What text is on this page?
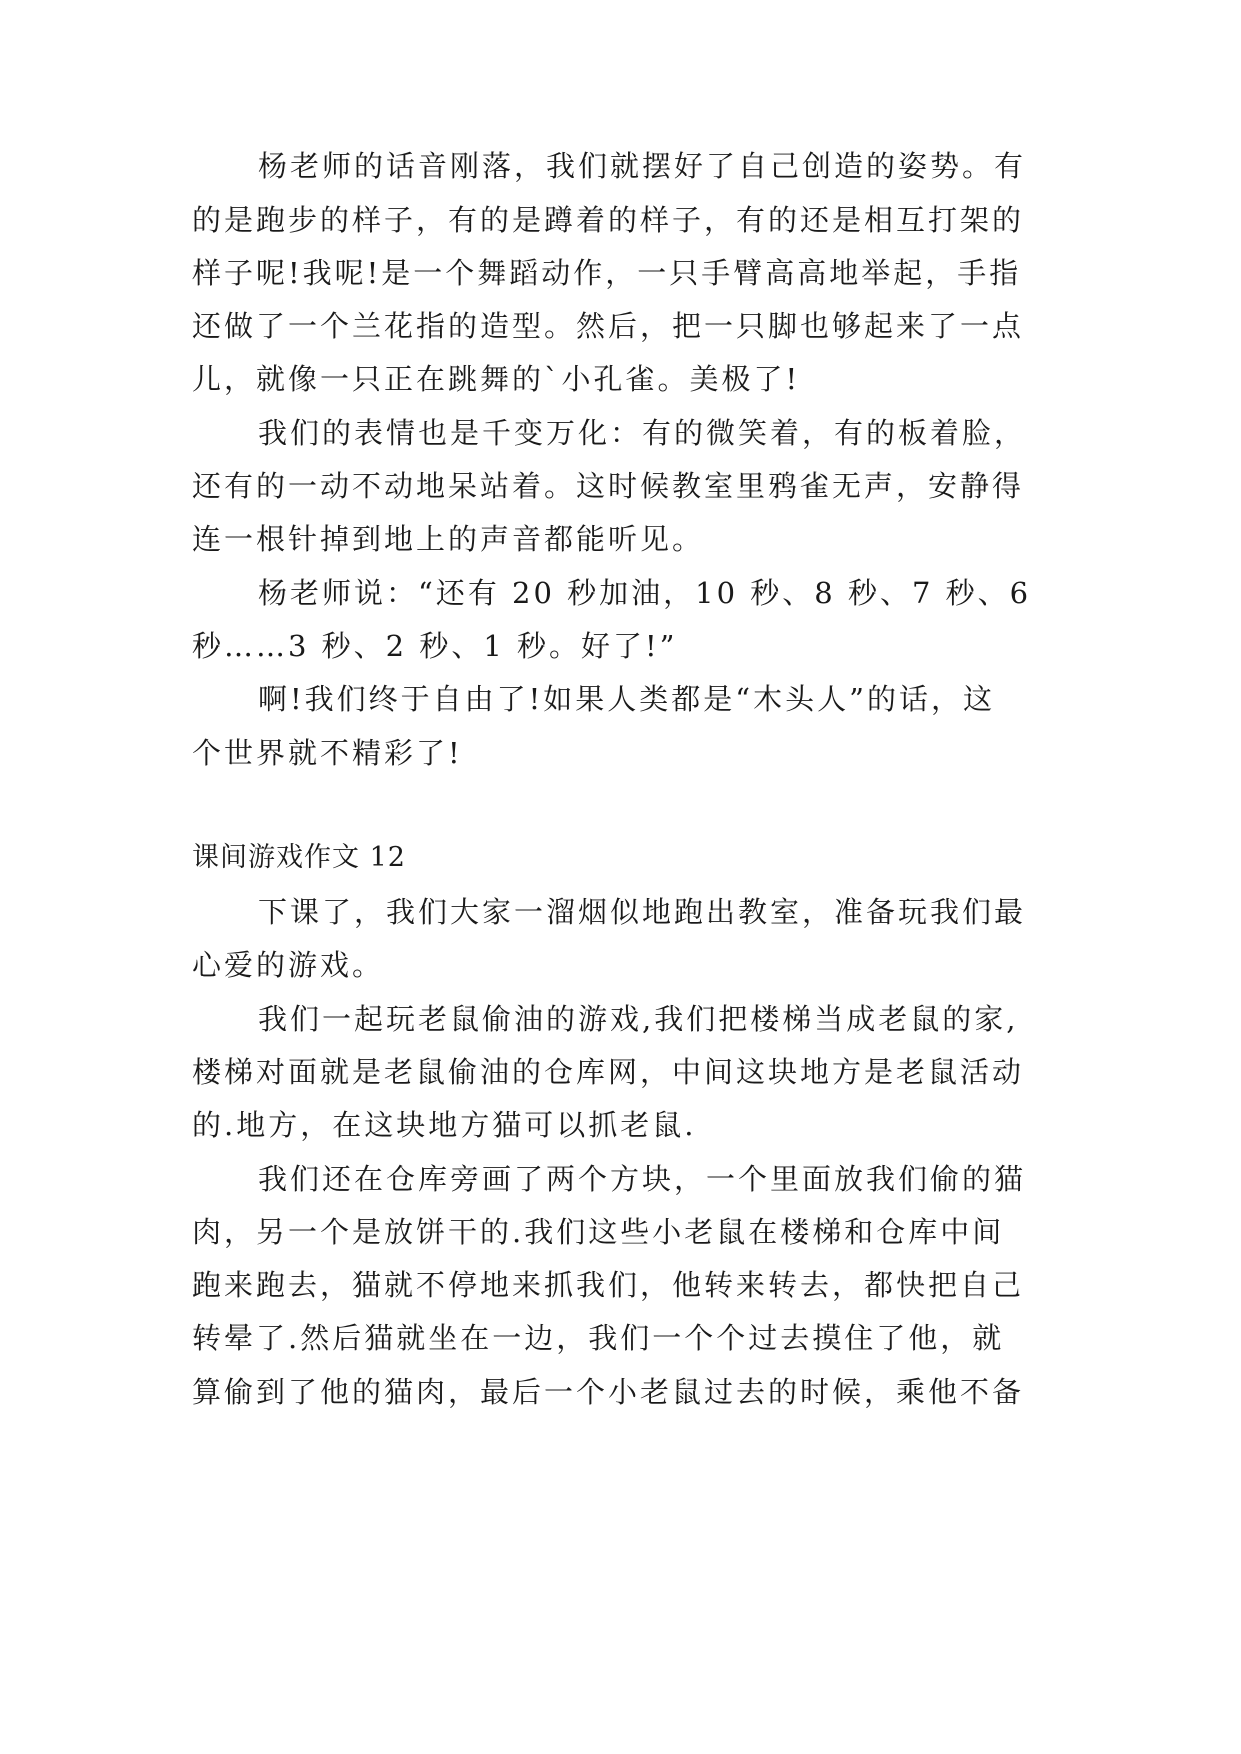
杨老师的话音刚落，我们就摆好了自己创造的姿势。有
的是跑步的样子，有的是蹲着的样子，有的还是相互打架的
样子呢!我呢!是一个舞蹈动作，一只手臂高高地举起，手指
还做了一个兰花指的造型。然后，把一只脚也够起来了一点
儿，就像一只正在跳舞的`小孔雀。美极了!
我们的表情也是千变万化：有的微笑着，有的板着脸，
还有的一动不动地呆站着。这时候教室里鸦雀无声，安静得
连一根针掉到地上的声音都能听见。
杨老师说：“还有 20 秒加油，10 秒、8 秒、7 秒、6
秒……3 秒、2 秒、1 秒。好了!”
啊!我们终于自由了!如果人类都是“木头人”的话，这
个世界就不精彩了!
课间游戏作文 12
下课了，我们大家一溜烟似地跑出教室，准备玩我们最
心爱的游戏。
我们一起玩老鼠偷油的游戏,我们把楼梯当成老鼠的家,
楼梯对面就是老鼠偷油的仓库网，中间这块地方是老鼠活动
的.地方，在这块地方猫可以抓老鼠.
我们还在仓库旁画了两个方块，一个里面放我们偷的猫
肉，另一个是放饼干的.我们这些小老鼠在楼梯和仓库中间
跑来跑去，猫就不停地来抓我们，他转来转去，都快把自己
转晕了.然后猫就坐在一边，我们一个个过去摸住了他，就
算偷到了他的猫肉，最后一个小老鼠过去的时候，乘他不备
